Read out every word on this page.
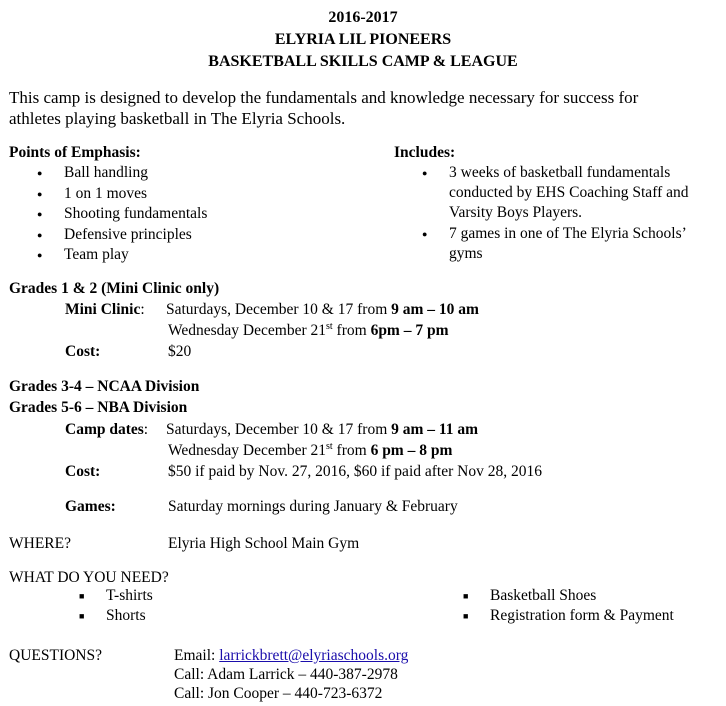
2016-2017
ELYRIA LIL PIONEERS
BASKETBALL SKILLS CAMP & LEAGUE
This camp is designed to develop the fundamentals and knowledge necessary for success for
athletes playing basketball in The Elyria Schools.
Points of Emphasis:
Ball handling
1 on 1 moves
Shooting fundamentals
Defensive principles
Team play
Includes:
3 weeks of basketball fundamentals
conducted by EHS Coaching Staff and
Varsity Boys Players.
7 games in one of The Elyria Schools’
gyms
Grades 1 & 2 (Mini Clinic only)
Mini Clinic: Saturdays, December 10 & 17 from 9 am – 10 am
Wednesday December 21st from 6pm – 7 pm
Cost:	$20
Grades 3-4 – NCAA Division
Grades 5-6 – NBA Division
Camp dates: Saturdays, December 10 & 17 from 9 am – 11 am
Wednesday December 21st from 6 pm – 8 pm
Cost:	$50 if paid by Nov. 27, 2016, $60 if paid after Nov 28, 2016
Games:	Saturday mornings during January & February
WHERE?	Elyria High School Main Gym
WHAT DO YOU NEED?
■ T-shirts
■ Shorts
■ Basketball Shoes
■ Registration form & Payment
QUESTIONS?	Email: larrickbrett@elyriaschools.org
Call: Adam Larrick – 440-387-2978
Call: Jon Cooper – 440-723-6372
